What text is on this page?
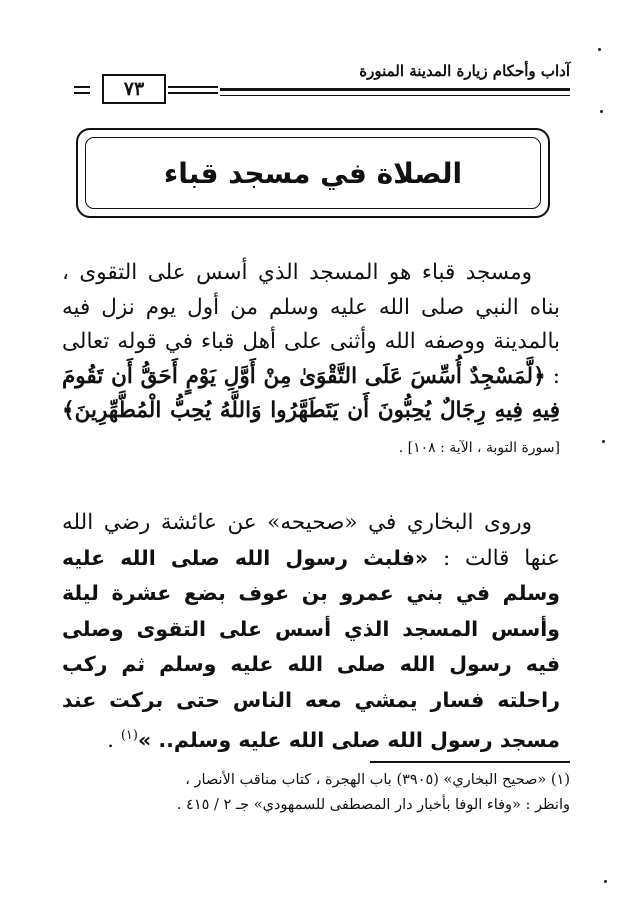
آداب وأحكام زيارة المدينة المنورة
٧٣
الصلاة في مسجد قباء
ومسجد قباء هو المسجد الذي أسس على التقوى ، بناه النبي صلى الله عليه وسلم من أول يوم نزل فيه بالمدينة ووصفه الله وأثنى على أهل قباء في قوله تعالى : ﴿لَّمَسْجِدٌ أُسِّسَ عَلَى التَّقْوَىٰ مِنْ أَوَّلِ يَوْمٍ أَحَقُّ أَن تَقُومَ فِيهِ فِيهِ رِجَالٌ يُحِبُّونَ أَن يَتَطَهَّرُوا وَاللَّهُ يُحِبُّ الْمُطَّهِّرِينَ﴾ [سورة التوبة ، الآية : ١٠٨] .
وروى البخاري في «صحيحه» عن عائشة رضي الله عنها قالت : «فلبث رسول الله صلى الله عليه وسلم في بني عمرو بن عوف بضع عشرة ليلة وأسس المسجد الذي أسس على التقوى وصلى فيه رسول الله صلى الله عليه وسلم ثم ركب راحلته فسار يمشي معه الناس حتى بركت عند مسجد رسول الله صلى الله عليه وسلم.. »$^{(١)}$ .
(١) «صحيح البخاري» (٣٩٠٥) باب الهجرة ، كتاب مناقب الأنصار ،
وانظر : «وفاء الوفا بأخبار دار المصطفى للسمهودي» جـ ٢ / ٤١٥ .
